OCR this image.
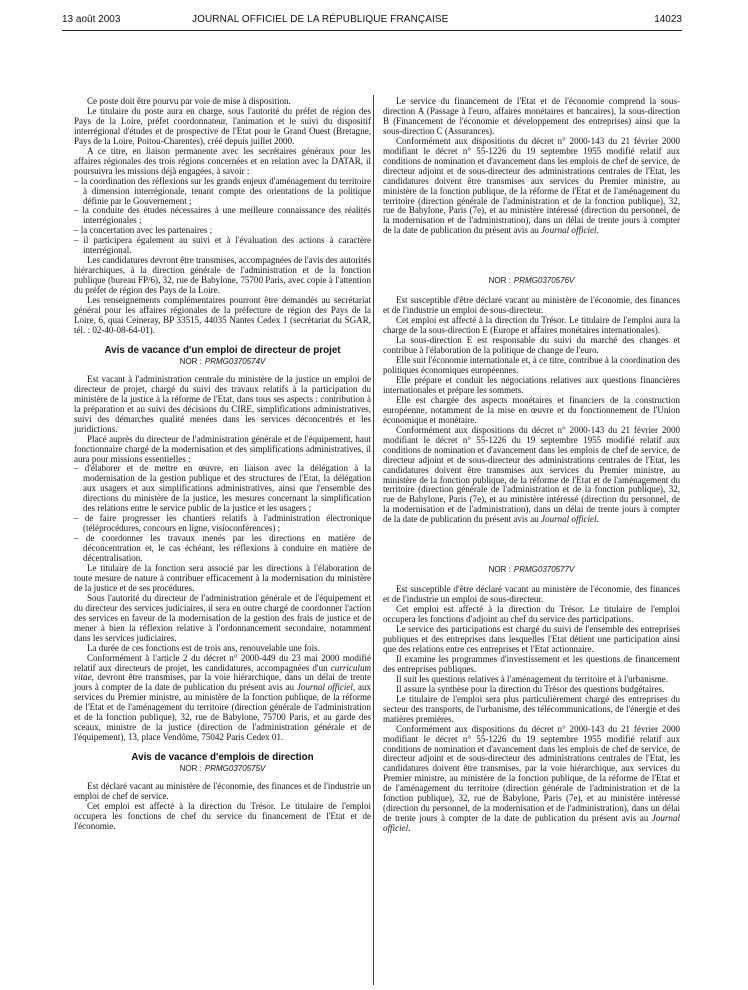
13 août 2003	JOURNAL OFFICIEL DE LA RÉPUBLIQUE FRANÇAISE	14023

Ce poste doit être pourvu par voie de mise à disposition.

Le titulaire du poste aura en charge, sous l'autorité du préfet de région des Pays de la Loire, préfet coordonnateur, l'animation et le suivi du dispositif interrégional d'études et de prospective de l'Etat pour le Grand Ouest (Bretagne, Pays de la Loire, Poitou-Charentes), créé depuis juillet 2000.

A ce titre, en liaison permanente avec les secrétaires généraux pour les affaires régionales des trois régions concernées et en relation avec la DATAR, il poursuivra les missions déjà engagées, à savoir :

– la coordination des réflexions sur les grands enjeux d'aménagement du territoire à dimension interrégionale, tenant compte des orientations de la politique définie par le Gouvernement ;

– la conduite des études nécessaires à une meilleure connaissance des réalités interrégionales ;

– la concertation avec les partenaires ;

– il participera également au suivi et à l'évaluation des actions à caractère interrégional.

Les candidatures devront être transmises, accompagnées de l'avis des autorités hiérarchiques, à la direction générale de l'administration et de la fonction publique (bureau FP/6), 32, rue de Babylone, 75700 Paris, avec copie à l'attention du préfet de région des Pays de la Loire.

Les renseignements complémentaires pourront être demandés au secrétariat général pour les affaires régionales de la préfecture de région des Pays de la Loire, 6, quai Ceineray, BP 33515, 44035 Nantes Cedex 1 (secrétariat du SGAR, tél. : 02-40-08-64-01).

Avis de vacance d'un emploi de directeur de projet
NOR : PRMG0370574V

Est vacant à l'administration centrale du ministère de la justice un emploi de directeur de projet, chargé du suivi des travaux relatifs à la participation du ministère de la justice à la réforme de l'Etat, dans tous ses aspects : contribution à la préparation et au suivi des décisions du CIRE, simplifications administratives, suivi des démarches qualité menées dans les services déconcentrés et les juridictions.

Placé auprès du directeur de l'administration générale et de l'équipement, haut fonctionnaire chargé de la modernisation et des simplifications administratives, il aura pour missions essentielles :

– d'élaborer et de mettre en œuvre, en liaison avec la délégation à la modernisation de la gestion publique et des structures de l'Etat, la délégation aux usagers et aux simplifications administratives, ainsi que l'ensemble des directions du ministère de la justice, les mesures concernant la simplification des relations entre le service public de la justice et les usagers ;

– de faire progresser les chantiers relatifs à l'administration électronique (téléprocédures, concours en ligne, visioconférences) ;

– de coordonner les travaux menés par les directions en matière de déconcentration et, le cas échéant, les réflexions à conduire en matière de décentralisation.

Le titulaire de la fonction sera associé par les directions à l'élaboration de toute mesure de nature à contribuer efficacement à la modernisation du ministère de la justice et de ses procédures.

Sous l'autorité du directeur de l'administration générale et de l'équipement et du directeur des services judiciaires, il sera en outre chargé de coordonner l'action des services en faveur de la modernisation de la gestion des frais de justice et de mener à bien la réflexion relative à l'ordonnancement secondaire, notamment dans les services judiciaires.

La durée de ces fonctions est de trois ans, renouvelable une fois.

Conformément à l'article 2 du décret n° 2000-449 du 23 mai 2000 modifié relatif aux directeurs de projet, les candidatures, accompagnées d'un curriculum vitae, devront être transmises, par la voie hiérarchique, dans un délai de trente jours à compter de la date de publication du présent avis au Journal officiel, aux services du Premier ministre, au ministère de la fonction publique, de la réforme de l'Etat et de l'aménagement du territoire (direction générale de l'administration et de la fonction publique), 32, rue de Babylone, 75700 Paris, et au garde des sceaux, ministre de la justice (direction de l'administration générale et de l'équipement), 13, place Vendôme, 75042 Paris Cedex 01.

Avis de vacance d'emplois de direction
NOR : PRMG0370575V

Est déclaré vacant au ministère de l'économie, des finances et de l'industrie un emploi de chef de service.

Cet emploi est affecté à la direction du Trésor. Le titulaire de l'emploi occupera les fonctions de chef du service du financement de l'Etat et de l'économie.

Le service du financement de l'Etat et de l'économie comprend la sous-direction A (Passage à l'euro, affaires monétaires et bancaires), la sous-direction B (Financement de l'économie et développement des entreprises) ainsi que la sous-direction C (Assurances).

Conformément aux dispositions du décret n° 2000-143 du 21 février 2000 modifiant le décret n° 55-1226 du 19 septembre 1955 modifié relatif aux conditions de nomination et d'avancement dans les emplois de chef de service, de directeur adjoint et de sous-directeur des administrations centrales de l'Etat, les candidatures doivent être transmises aux services du Premier ministre, au ministère de la fonction publique, de la réforme de l'Etat et de l'aménagement du territoire (direction générale de l'administration et de la fonction publique), 32, rue de Babylone, Paris (7e), et au ministère intéressé (direction du personnel, de la modernisation et de l'administration), dans un délai de trente jours à compter de la date de publication du présent avis au Journal officiel.

NOR : PRMG0370576V

Est susceptible d'être déclaré vacant au ministère de l'économie, des finances et de l'industrie un emploi de sous-directeur.

Cet emploi est affecté à la direction du Trésor. Le titulaire de l'emploi aura la charge de la sous-direction E (Europe et affaires monétaires internationales).

La sous-direction E est responsable du suivi du marché des changes et contribue à l'élaboration de la politique de change de l'euro.

Elle suit l'économie internationale et, à ce titre, contribue à la coordination des politiques économiques européennes.

Elle prépare et conduit les négociations relatives aux questions financières internationales et prépare les sommets.

Elle est chargée des aspects monétaires et financiers de la construction européenne, notamment de la mise en œuvre et du fonctionnement de l'Union économique et monétaire.

Conformément aux dispositions du décret n° 2000-143 du 21 février 2000 modifiant le décret n° 55-1226 du 19 septembre 1955 modifié relatif aux conditions de nomination et d'avancement dans les emplois de chef de service, de directeur adjoint et de sous-directeur des administrations centrales de l'Etat, les candidatures doivent être transmises aux services du Premier ministre, au ministère de la fonction publique, de la réforme de l'Etat et de l'aménagement du territoire (direction générale de l'administration et de la fonction publique), 32, rue de Babylone, Paris (7e), et au ministère intéressé (direction du personnel, de la modernisation et de l'administration), dans un délai de trente jours à compter de la date de publication du présent avis au Journal officiel.

NOR : PRMG0370577V

Est susceptible d'être déclaré vacant au ministère de l'économie, des finances et de l'industrie un emploi de sous-directeur.

Cet emploi est affecté à la direction du Trésor. Le titulaire de l'emploi occupera les fonctions d'adjoint au chef du service des participations.

Le service des participations est chargé du suivi de l'ensemble des entreprises publiques et des entreprises dans lesquelles l'Etat détient une participation ainsi que des relations entre ces entreprises et l'Etat actionnaire.

Il examine les programmes d'investissement et les questions de financement des entreprises publiques.

Il suit les questions relatives à l'aménagement du territoire et à l'urbanisme.

Il assure la synthèse pour la direction du Trésor des questions budgétaires.

Le titulaire de l'emploi sera plus particulièrement chargé des entreprises du secteur des transports, de l'urbanisme, des télécommunications, de l'énergie et des matières premières.

Conformément aux dispositions du décret n° 2000-143 du 21 février 2000 modifiant le décret n° 55-1226 du 19 septembre 1955 modifié relatif aux conditions de nomination et d'avancement dans les emplois de chef de service, de directeur adjoint et de sous-directeur des administrations centrales de l'Etat, les candidatures doivent être transmises, par la voie hiérarchique, aux services du Premier ministre, au ministère de la fonction publique, de la réforme de l'Etat et de l'aménagement du territoire (direction générale de l'administration et de la fonction publique), 32, rue de Babylone, Paris (7e), et au ministère intéressé (direction du personnel, de la modernisation et de l'administration), dans un délai de trente jours à compter de la date de publication du présent avis au Journal officiel.
